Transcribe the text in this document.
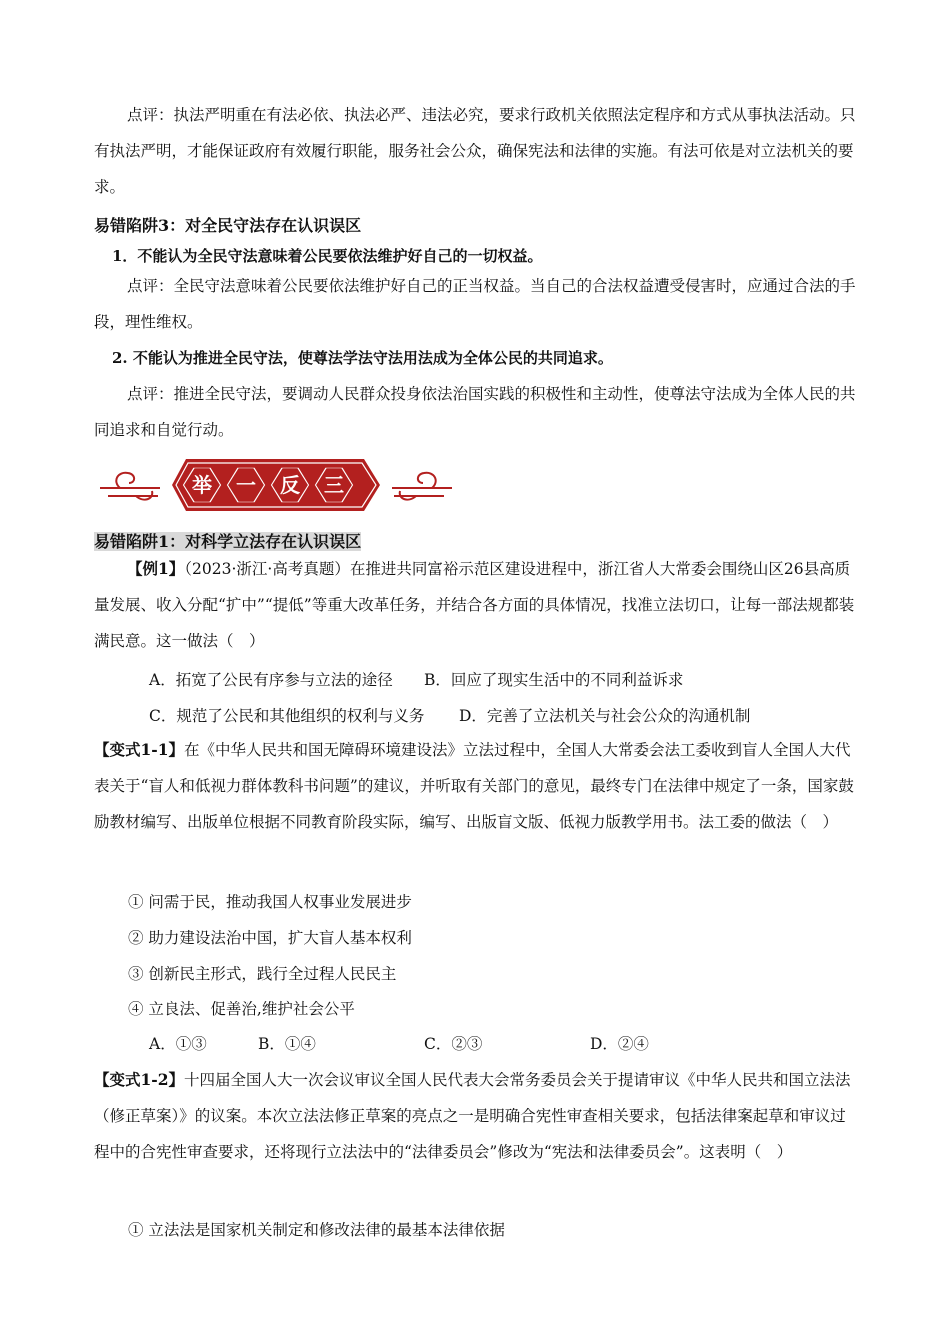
点评：执法严明重在有法必依、执法必严、违法必究，要求行政机关依照法定程序和方式从事执法活动。只有执法严明，才能保证政府有效履行职能，服务社会公众，确保宪法和法律的实施。有法可依是对立法机关的要求。

易错陷阱3：对全民守法存在认识误区

1．不能认为全民守法意味着公民要依法维护好自己的一切权益。

点评：全民守法意味着公民要依法维护好自己的正当权益。当自己的合法权益遭受侵害时，应通过合法的手段，理性维权。

2. 不能认为推进全民守法，使尊法学法守法用法成为全体公民的共同追求。

点评：推进全民守法，要调动人民群众投身依法治国实践的积极性和主动性，使尊法守法成为全体人民的共同追求和自觉行动。

举 一 反 三

易错陷阱1：对科学立法存在认识误区

【例1】（2023·浙江·高考真题）在推进共同富裕示范区建设进程中，浙江省人大常委会围绕山区26县高质量发展、收入分配“扩中”“提低”等重大改革任务，并结合各方面的具体情况，找准立法切口，让每一部法规都装满民意。这一做法（　）

A．拓宽了公民有序参与立法的途径 B．回应了现实生活中的不同利益诉求
C．规范了公民和其他组织的权利与义务 D．完善了立法机关与社会公众的沟通机制

【变式1-1】在《中华人民共和国无障碍环境建设法》立法过程中，全国人大常委会法工委收到盲人全国人大代表关于“盲人和低视力群体教科书问题”的建议，并听取有关部门的意见，最终专门在法律中规定了一条，国家鼓励教材编写、出版单位根据不同教育阶段实际，编写、出版盲文版、低视力版教学用书。法工委的做法（　）

① 问需于民，推动我国人权事业发展进步
② 助力建设法治中国，扩大盲人基本权利
③ 创新民主形式，践行全过程人民民主
④ 立良法、促善治,维护社会公平
A．①③	B．①④	C．②③	D．②④

【变式1-2】十四届全国人大一次会议审议全国人民代表大会常务委员会关于提请审议《中华人民共和国立法法（修正草案）》的议案。本次立法法修正草案的亮点之一是明确合宪性审查相关要求，包括法律案起草和审议过程中的合宪性审查要求，还将现行立法法中的“法律委员会”修改为“宪法和法律委员会”。这表明（　）

① 立法法是国家机关制定和修改法律的最基本法律依据
